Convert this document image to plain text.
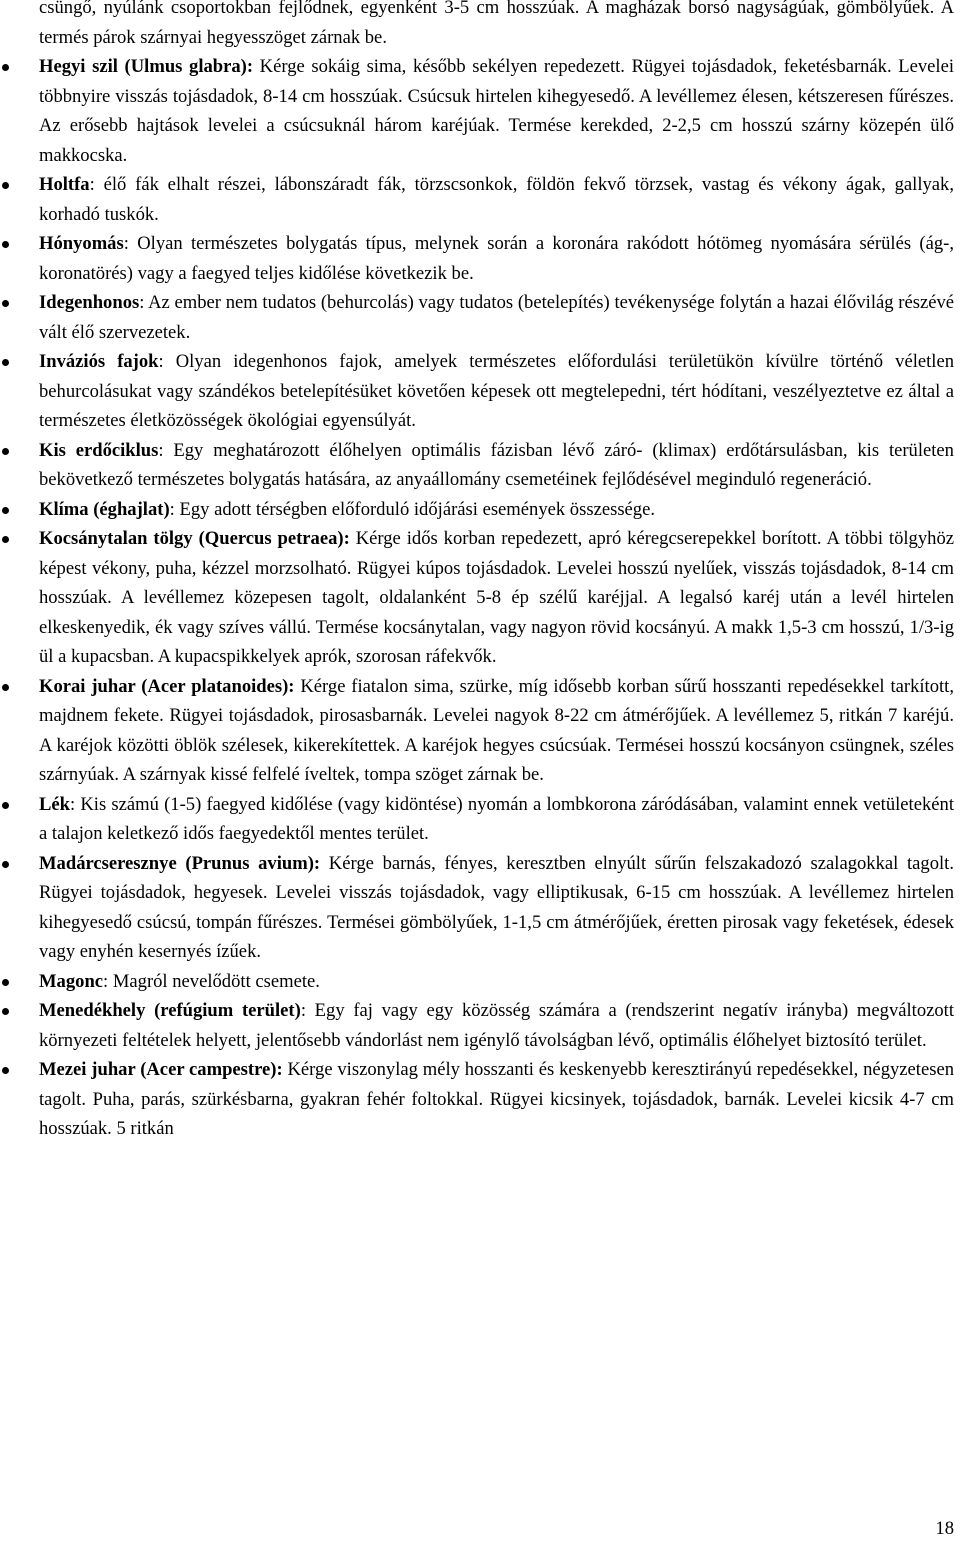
csüngő, nyúlánk csoportokban fejlődnek, egyenként 3-5 cm hosszúak. A magházak borsó nagyságúak, gömbölyűek. A termés párok szárnyai hegyesszöget zárnak be.

Hegyi szil (Ulmus glabra): Kérge sokáig sima, később sekélyen repedezett. Rügyei tojásdadok, feketésbarnák. Levelei többnyire visszás tojásdadok, 8-14 cm hosszúak. Csúcsuk hirtelen kihegyesedő. A levéllemez élesen, kétszeresen fűrészes. Az erősebb hajtások levelei a csúcsuknál három karéjúak. Termése kerekded, 2-2,5 cm hosszú szárny közepén ülő makkocska.
Holtfa: élő fák elhalt részei, lábonszáradt fák, törzscsonkok, földön fekvő törzsek, vastag és vékony ágak, gallyak, korhadó tuskók.
Hónyomás: Olyan természetes bolygatás típus, melynek során a koronára rakódott hótömeg nyomására sérülés (ág-, koronatörés) vagy a faegyed teljes kidőlése következik be.
Idegenhonos: Az ember nem tudatos (behurcolás) vagy tudatos (betelepítés) tevékenysége folytán a hazai élővilág részévé vált élő szervezetek.
Inváziós fajok: Olyan idegenhonos fajok, amelyek természetes előfordulási területükön kívülre történő véletlen behurcolásukat vagy szándékos betelepítésüket követően képesek ott megtelepedni, tért hódítani, veszélyeztetve ez által a természetes életközösségek ökológiai egyensúlyát.
Kis erdőciklus: Egy meghatározott élőhelyen optimális fázisban lévő záró- (klimax) erdőtársulásban, kis területen bekövetkező természetes bolygatás hatására, az anyaállomány csemetéinek fejlődésével meginduló regeneráció.
Klíma (éghajlat): Egy adott térségben előforduló időjárási események összessége.
Kocsánytalan tölgy (Quercus petraea): Kérge idős korban repedezett, apró kéregcserepekkel borított. A többi tölgyhöz képest vékony, puha, kézzel morzsolható. Rügyei kúpos tojásdadok. Levelei hosszú nyelűek, visszás tojásdadok, 8-14 cm hosszúak. A levéllemez közepesen tagolt, oldalanként 5-8 ép szélű karéjjal. A legalsó karéj után a levél hirtelen elkeskenyedik, ék vagy szíves vállú. Termése kocsánytalan, vagy nagyon rövid kocsányú. A makk 1,5-3 cm hosszú, 1/3-ig ül a kupacsban. A kupacspikkelyek aprók, szorosan ráfekvők.
Korai juhar (Acer platanoides): Kérge fiatalon sima, szürke, míg idősebb korban sűrű hosszanti repedésekkel tarkított, majdnem fekete. Rügyei tojásdadok, pirosasbarnák. Levelei nagyok 8-22 cm átmérőjűek. A levéllemez 5, ritkán 7 karéjú. A karéjok közötti öblök szélesek, kikerekítettek. A karéjok hegyes csúcsúak. Termései hosszú kocsányon csüngnek, széles szárnyúak. A szárnyak kissé felfelé íveltek, tompa szöget zárnak be.
Lék: Kis számú (1-5) faegyed kidőlése (vagy kidöntése) nyomán a lombkorona záródásában, valamint ennek vetületeként a talajon keletkező idős faegyedektől mentes terület.
Madárcseresznye (Prunus avium): Kérge barnás, fényes, keresztben elnyúlt sűrűn felszakadozó szalagokkal tagolt. Rügyei tojásdadok, hegyesek. Levelei visszás tojásdadok, vagy elliptikusak, 6-15 cm hosszúak. A levéllemez hirtelen kihegyesedő csúcsú, tompán fűrészes. Termései gömbölyűek, 1-1,5 cm átmérőjűek, éretten pirosak vagy feketések, édesek vagy enyhén kesernyés ízűek.
Magonc: Magról nevelődött csemete.
Menedékhely (refúgium terület): Egy faj vagy egy közösség számára a (rendszerint negatív irányba) megváltozott környezeti feltételek helyett, jelentősebb vándorlást nem igénylő távolságban lévő, optimális élőhelyet biztosító terület.
Mezei juhar (Acer campestre): Kérge viszonylag mély hosszanti és keskenyebb keresztirányú repedésekkel, négyzetesen tagolt. Puha, parás, szürkésbarna, gyakran fehér foltokkal. Rügyei kicsinyek, tojásdadok, barnák. Levelei kicsik 4-7 cm hosszúak. 5 ritkán
18
